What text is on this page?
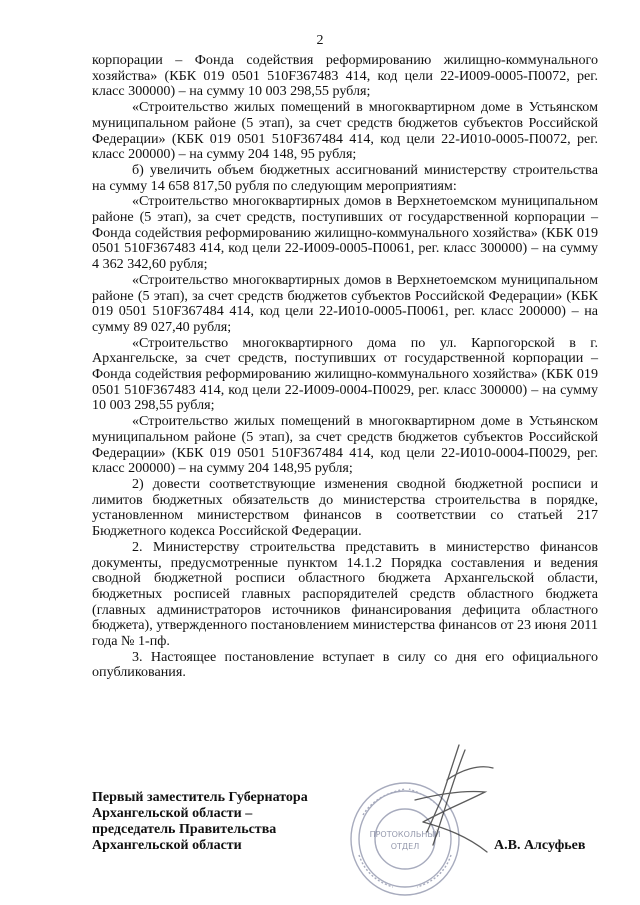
2

корпорации – Фонда содействия реформированию жилищно-коммунального хозяйства» (КБК 019 0501 510F367483 414, код цели 22-И009-0005-П0072, рег. класс 300000) – на сумму 10 003 298,55 рубля;

«Строительство жилых помещений в многоквартирном доме в Устьянском муниципальном районе (5 этап), за счет средств бюджетов субъектов Российской Федерации» (КБК 019 0501 510F367484 414, код цели 22-И010-0005-П0072, рег. класс 200000) – на сумму 204 148, 95 рубля;

б) увеличить объем бюджетных ассигнований министерству строительства на сумму 14 658 817,50 рубля по следующим мероприятиям:

«Строительство многоквартирных домов в Верхнетоемском муниципальном районе (5 этап), за счет средств, поступивших от государственной корпорации – Фонда содействия реформированию жилищно-коммунального хозяйства» (КБК 019 0501 510F367483 414, код цели 22-И009-0005-П0061, рег. класс 300000) – на сумму 4 362 342,60 рубля;

«Строительство многоквартирных домов в Верхнетоемском муниципальном районе (5 этап), за счет средств бюджетов субъектов Российской Федерации» (КБК 019 0501 510F367484 414, код цели 22-И010-0005-П0061, рег. класс 200000) – на сумму 89 027,40 рубля;

«Строительство многоквартирного дома по ул. Карпогорской в г. Архангельске, за счет средств, поступивших от государственной корпорации – Фонда содействия реформированию жилищно-коммунального хозяйства» (КБК 019 0501 510F367483 414, код цели 22-И009-0004-П0029, рег. класс 300000) – на сумму 10 003 298,55 рубля;

«Строительство жилых помещений в многоквартирном доме в Устьянском муниципальном районе (5 этап), за счет средств бюджетов субъектов Российской Федерации» (КБК 019 0501 510F367484 414, код цели 22-И010-0004-П0029, рег. класс 200000) – на сумму 204 148,95 рубля;

2) довести соответствующие изменения сводной бюджетной росписи и лимитов бюджетных обязательств до министерства строительства в порядке, установленном министерством финансов в соответствии со статьей 217 Бюджетного кодекса Российской Федерации.

2. Министерству строительства представить в министерство финансов документы, предусмотренные пунктом 14.1.2 Порядка составления и ведения сводной бюджетной росписи областного бюджета Архангельской области, бюджетных росписей главных распорядителей средств областного бюджета (главных администраторов источников финансирования дефицита областного бюджета), утвержденного постановлением министерства финансов от 23 июня 2011 года № 1-пф.

3. Настоящее постановление вступает в силу со дня его официального опубликования.

ПРОТОКОЛЬНЫЙ
ОТДЕЛ
Первый заместитель Губернатора
Архангельской области –
председатель Правительства
Архангельской области	А.В. Алсуфьев
